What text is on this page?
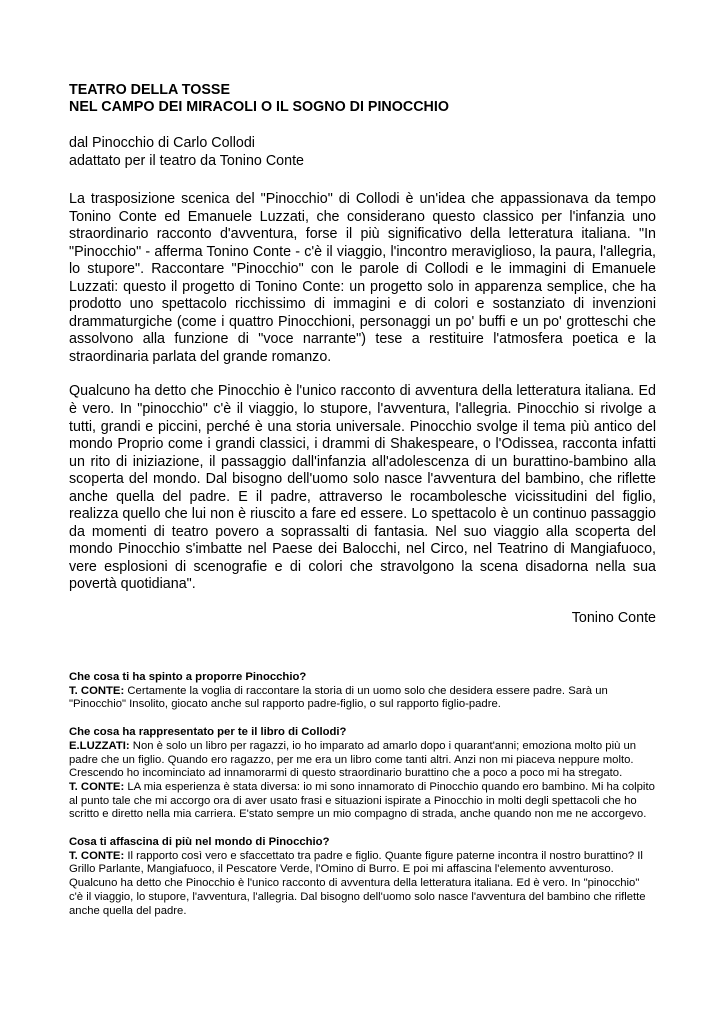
TEATRO DELLA TOSSE

NEL CAMPO DEI MIRACOLI O IL SOGNO DI PINOCCHIO

dal Pinocchio di Carlo Collodi
adattato per il teatro da Tonino Conte

La trasposizione scenica del "Pinocchio" di Collodi è un'idea che appassionava da tempo Tonino Conte ed Emanuele Luzzati, che considerano questo classico per l'infanzia uno straordinario racconto d'avventura, forse il più significativo della letteratura italiana. "In "Pinocchio" - afferma Tonino Conte - c'è il viaggio, l'incontro meraviglioso, la paura, l'allegria, lo stupore". Raccontare "Pinocchio" con le parole di Collodi e le immagini di Emanuele Luzzati: questo il progetto di Tonino Conte: un progetto solo in apparenza semplice, che ha prodotto uno spettacolo ricchissimo di immagini e di colori e sostanziato di invenzioni drammaturgiche (come i quattro Pinocchioni, personaggi un po' buffi e un po' grotteschi che assolvono alla funzione di "voce narrante") tese a restituire l'atmosfera poetica e la straordinaria parlata del grande romanzo.

Qualcuno ha detto che Pinocchio è l'unico racconto di avventura della letteratura italiana. Ed è vero. In "pinocchio" c'è il viaggio, lo stupore, l'avventura, l'allegria. Pinocchio si rivolge a tutti, grandi e piccini, perché è una storia universale. Pinocchio svolge il tema più antico del mondo Proprio come i grandi classici, i drammi di Shakespeare, o l'Odissea, racconta infatti un rito di iniziazione, il passaggio dall'infanzia all'adolescenza di un burattino-bambino alla scoperta del mondo. Dal bisogno dell'uomo solo nasce l'avventura del bambino, che riflette anche quella del padre. E il padre, attraverso le rocambolesche vicissitudini del figlio, realizza quello che lui non è riuscito a fare ed essere. Lo spettacolo è un continuo passaggio da momenti di teatro povero a soprassalti di fantasia. Nel suo viaggio alla scoperta del mondo Pinocchio s'imbatte nel Paese dei Balocchi, nel Circo, nel Teatrino di Mangiafuoco, vere esplosioni di scenografie e di colori che stravolgono la scena disadorna nella sua povertà quotidiana".

Tonino Conte
Che cosa ti ha spinto a proporre Pinocchio?
T. CONTE: Certamente la voglia di raccontare la storia di un uomo solo che desidera essere padre. Sarà un "Pinocchio" Insolito, giocato anche sul rapporto padre-figlio, o sul rapporto figlio-padre.
Che cosa ha rappresentato per te il libro di Collodi?
E.LUZZATI: Non è solo un libro per ragazzi, io ho imparato ad amarlo dopo i quarant'anni; emoziona molto più un padre che un figlio. Quando ero ragazzo, per me era un libro come tanti altri. Anzi non mi piaceva neppure molto. Crescendo ho incominciato ad innamorarmi di questo straordinario burattino che a poco a poco mi ha stregato.
T. CONTE: LA mia esperienza è stata diversa: io mi sono innamorato di Pinocchio quando ero bambino. Mi ha colpito al punto tale che mi accorgo ora di aver usato frasi e situazioni ispirate a Pinocchio in molti degli spettacoli che ho scritto e diretto nella mia carriera. E'stato sempre un mio compagno di strada, anche quando non me ne accorgevo.
Cosa ti affascina di più nel mondo di Pinocchio?
T. CONTE: Il rapporto così vero e sfaccettato tra padre e figlio. Quante figure paterne incontra il nostro burattino? Il Grillo Parlante, Mangiafuoco, il Pescatore Verde, l'Omino di Burro. E poi mi affascina l'elemento avventuroso. Qualcuno ha detto che Pinocchio è l'unico racconto di avventura della letteratura italiana. Ed è vero. In "pinocchio" c'è il viaggio, lo stupore, l'avventura, l'allegria. Dal bisogno dell'uomo solo nasce l'avventura del bambino che riflette anche quella del padre.
